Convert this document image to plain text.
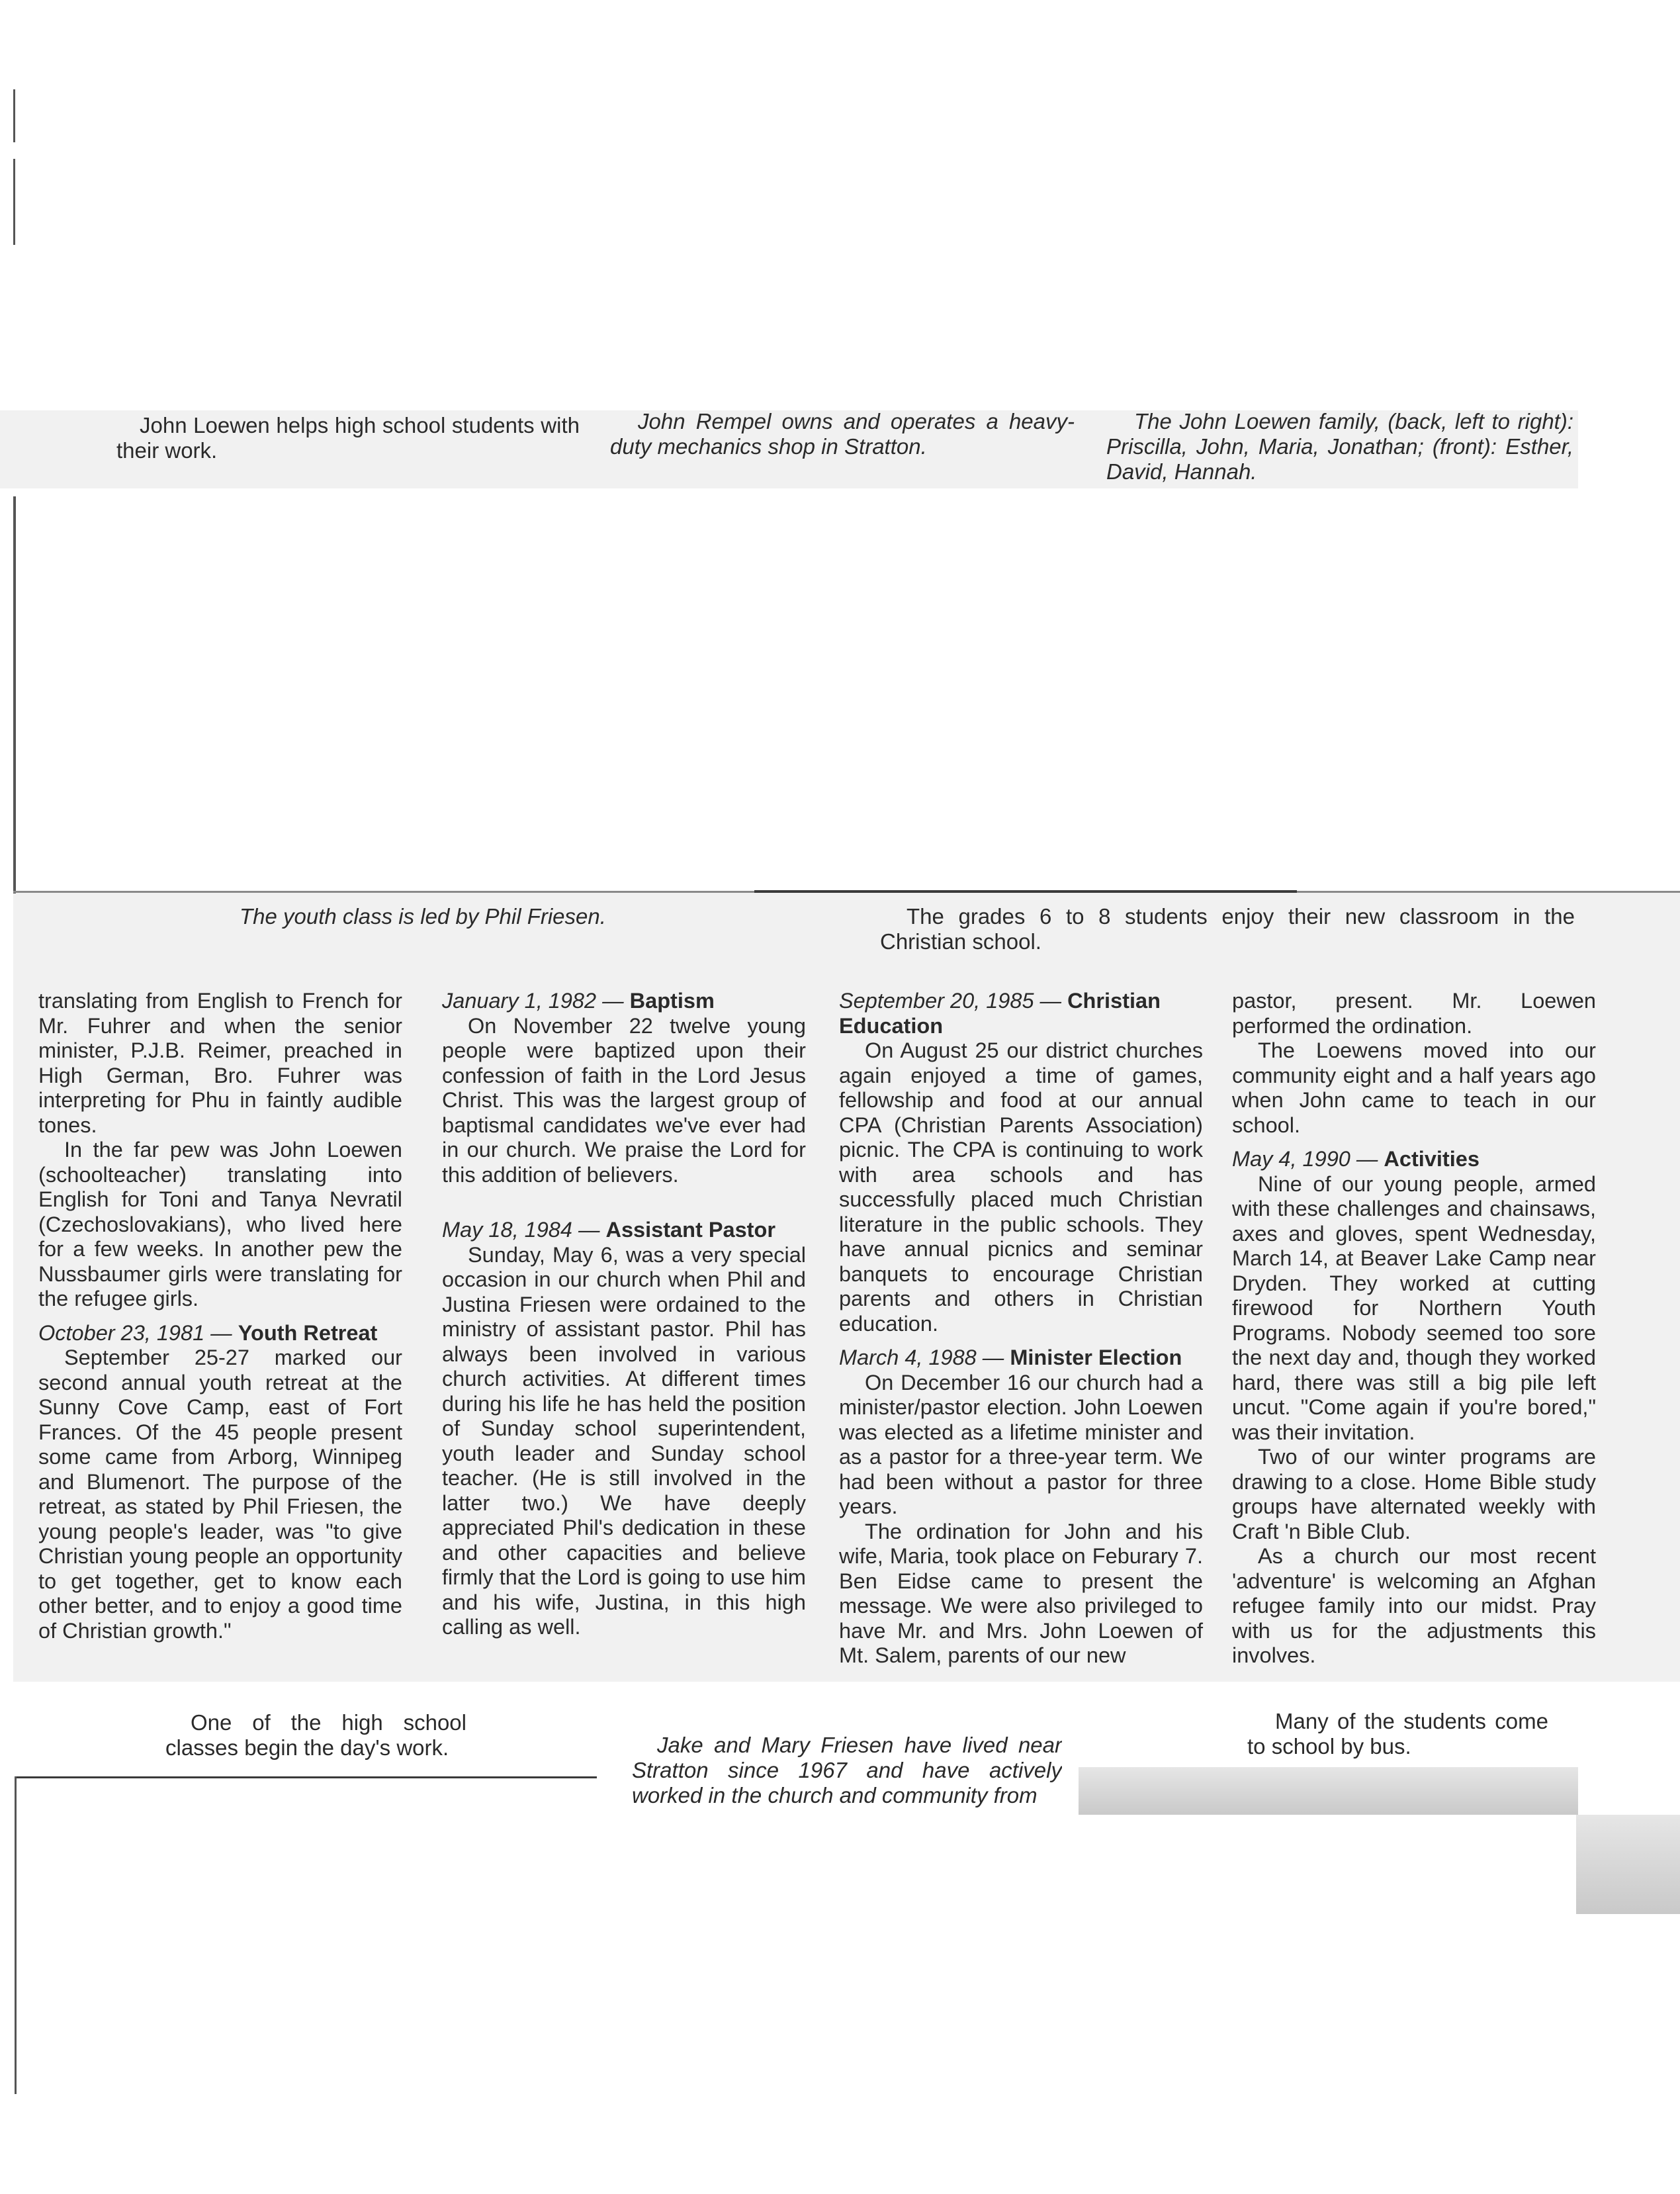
John Loewen helps high school students with their work.
John Rempel owns and operates a heavy-duty mechanics shop in Stratton.
The John Loewen family, (back, left to right): Priscilla, John, Maria, Jonathan; (front): Esther, David, Hannah.
The youth class is led by Phil Friesen.	The grades 6 to 8 students enjoy their new classroom in the Christian school.

translating from English to French for Mr. Fuhrer and when the senior minister, P.J.B. Reimer, preached in High German, Bro. Fuhrer was interpreting for Phu in faintly audible tones.

In the far pew was John Loewen (schoolteacher) translating into English for Toni and Tanya Nevratil (Czechoslovakians), who lived here for a few weeks. In another pew the Nussbaumer girls were translating for the refugee girls.

October 23, 1981 — Youth Retreat

September 25-27 marked our second annual youth retreat at the Sunny Cove Camp, east of Fort Frances. Of the 45 people present some came from Arborg, Winnipeg and Blumenort. The purpose of the retreat, as stated by Phil Friesen, the young people's leader, was "to give Christian young people an opportunity to get together, get to know each other better, and to enjoy a good time of Christian growth."

January 1, 1982 — Baptism

On November 22 twelve young people were baptized upon their confession of faith in the Lord Jesus Christ. This was the largest group of baptismal candidates we've ever had in our church. We praise the Lord for this addition of believers.

May 18, 1984 — Assistant Pastor

Sunday, May 6, was a very special occasion in our church when Phil and Justina Friesen were ordained to the ministry of assistant pastor. Phil has always been involved in various church activities. At different times during his life he has held the position of Sunday school superintendent, youth leader and Sunday school teacher. (He is still involved in the latter two.) We have deeply appreciated Phil's dedication in these and other capacities and believe firmly that the Lord is going to use him and his wife, Justina, in this high calling as well.

September 20, 1985 — Christian Education

On August 25 our district churches again enjoyed a time of games, fellowship and food at our annual CPA (Christian Parents Association) picnic. The CPA is continuing to work with area schools and has successfully placed much Christian literature in the public schools. They have annual picnics and seminar banquets to encourage Christian parents and others in Christian education.

March 4, 1988 — Minister Election

On December 16 our church had a minister/pastor election. John Loewen was elected as a lifetime minister and as a pastor for a three-year term. We had been without a pastor for three years.

The ordination for John and his wife, Maria, took place on Feburary 7. Ben Eidse came to present the message. We were also privileged to have Mr. and Mrs. John Loewen of Mt. Salem, parents of our new

pastor, present. Mr. Loewen performed the ordination.

The Loewens moved into our community eight and a half years ago when John came to teach in our school.

May 4, 1990 — Activities

Nine of our young people, armed with these challenges and chainsaws, axes and gloves, spent Wednesday, March 14, at Beaver Lake Camp near Dryden. They worked at cutting firewood for Northern Youth Programs. Nobody seemed too sore the next day and, though they worked hard, there was still a big pile left uncut. "Come again if you're bored," was their invitation.

Two of our winter programs are drawing to a close. Home Bible study groups have alternated weekly with Craft 'n Bible Club.

As a church our most recent 'adventure' is welcoming an Afghan refugee family into our midst. Pray with us for the adjustments this involves.

One of the high school classes begin the day's work.	Jake and Mary Friesen have lived near Stratton since 1967 and have actively worked in the church and community from
Many of the students come to school by bus.
